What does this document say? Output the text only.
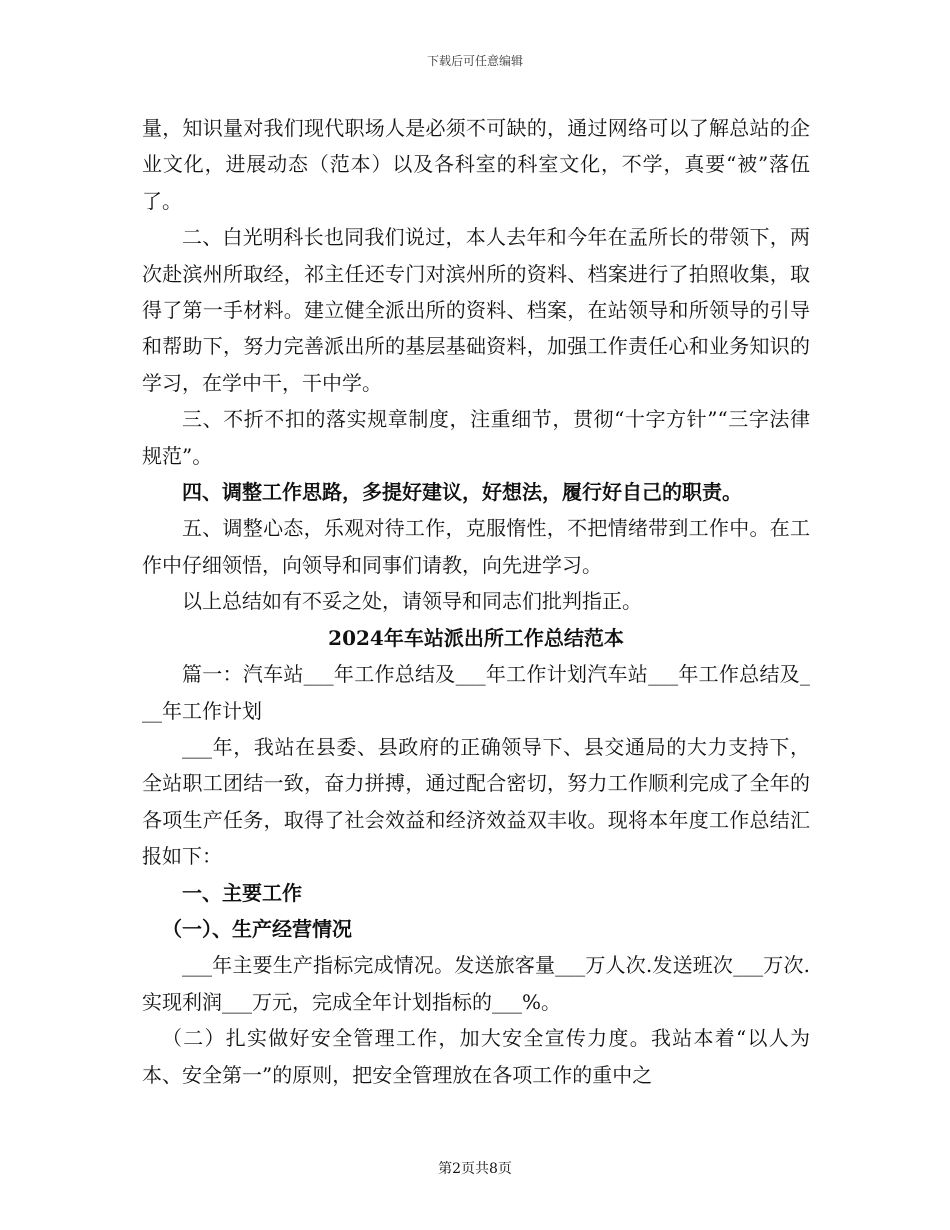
下载后可任意编辑

量，知识量对我们现代职场人是必须不可缺的，通过网络可以了解总站的企业文化，进展动态（范本）以及各科室的科室文化，不学，真要“被”落伍了。

二、白光明科长也同我们说过，本人去年和今年在孟所长的带领下，两次赴滨州所取经，祁主任还专门对滨州所的资料、档案进行了拍照收集，取得了第一手材料。建立健全派出所的资料、档案，在站领导和所领导的引导和帮助下，努力完善派出所的基层基础资料，加强工作责任心和业务知识的学习，在学中干，干中学。

三、不折不扣的落实规章制度，注重细节，贯彻“十字方针”“三字法律规范”。

四、调整工作思路，多提好建议，好想法，履行好自己的职责。

五、调整心态，乐观对待工作，克服惰性，不把情绪带到工作中。在工作中仔细领悟，向领导和同事们请教，向先进学习。

以上总结如有不妥之处，请领导和同志们批判指正。

2024年车站派出所工作总结范本

篇一：汽车站___年工作总结及___年工作计划汽车站___年工作总结及___年工作计划

___年，我站在县委、县政府的正确领导下、县交通局的大力支持下，全站职工团结一致，奋力拼搏，通过配合密切，努力工作顺利完成了全年的各项生产任务，取得了社会效益和经济效益双丰收。现将本年度工作总结汇报如下：

一、主要工作

（一）、生产经营情况

___年主要生产指标完成情况。发送旅客量___万人次.发送班次___万次.实现利润___万元，完成全年计划指标的___%。

（二）扎实做好安全管理工作，加大安全宣传力度。我站本着“以人为本、安全第一”的原则，把安全管理放在各项工作的重中之

第2页共8页
